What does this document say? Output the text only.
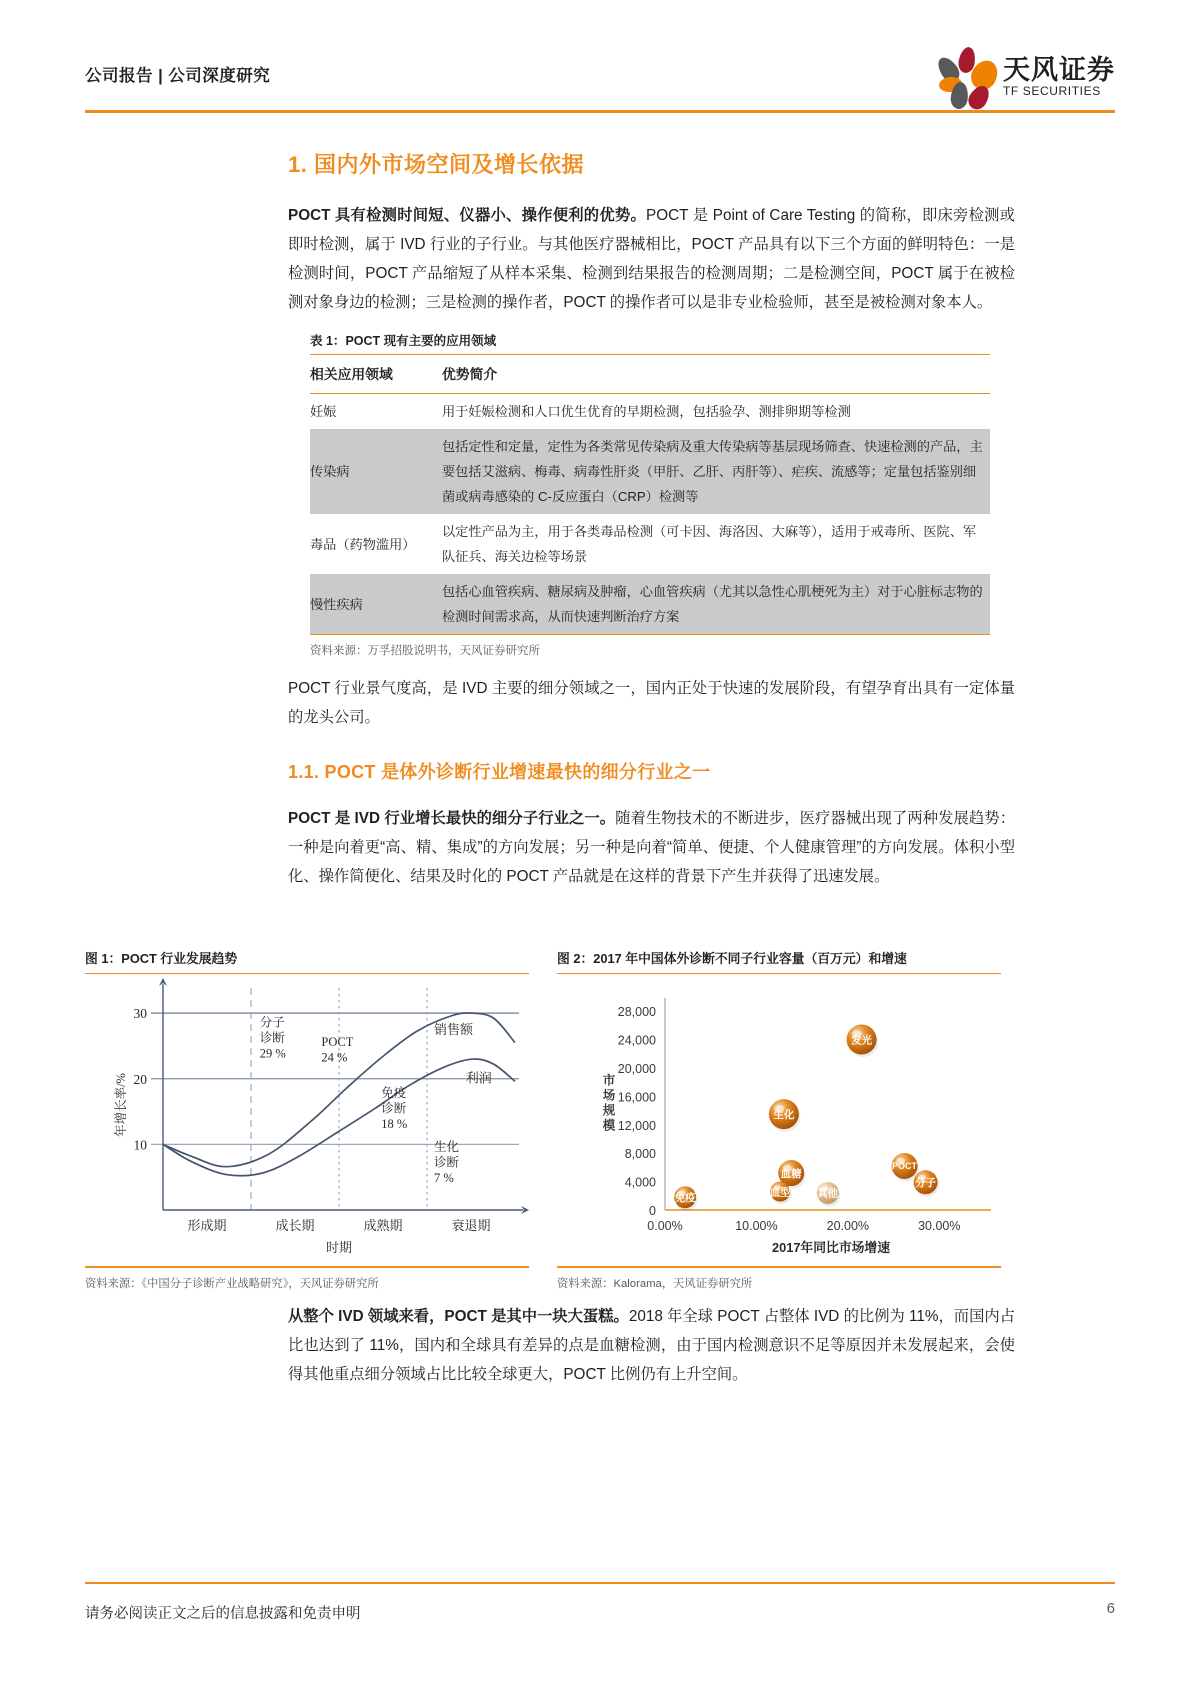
公司报告 | 公司深度研究	天风证券
TF SECURITIES
1. 国内外市场空间及增长依据

POCT 具有检测时间短、仪器小、操作便利的优势。POCT 是 Point of Care Testing 的简称，即床旁检测或即时检测，属于 IVD 行业的子行业。与其他医疗器械相比，POCT 产品具有以下三个方面的鲜明特色：一是检测时间，POCT 产品缩短了从样本采集、检测到结果报告的检测周期；二是检测空间，POCT 属于在被检测对象身边的检测；三是检测的操作者，POCT 的操作者可以是非专业检验师，甚至是被检测对象本人。

表 1：POCT 现有主要的应用领域
相关应用领域	优势简介
妊娠	用于妊娠检测和人口优生优育的早期检测，包括验孕、测排卵期等检测
传染病	包括定性和定量，定性为各类常见传染病及重大传染病等基层现场筛查、快速检测的产品，主要包括艾滋病、梅毒、病毒性肝炎（甲肝、乙肝、丙肝等）、疟疾、流感等；定量包括鉴别细菌或病毒感染的 C-反应蛋白（CRP）检测等
毒品（药物滥用）	以定性产品为主，用于各类毒品检测（可卡因、海洛因、大麻等），适用于戒毒所、医院、军队征兵、海关边检等场景
慢性疾病	包括心血管疾病、糖尿病及肿瘤，心血管疾病（尤其以急性心肌梗死为主）对于心脏标志物的检测时间需求高，从而快速判断治疗方案
资料来源：万孚招股说明书，天风证券研究所

POCT 行业景气度高，是 IVD 主要的细分领域之一，国内正处于快速的发展阶段，有望孕育出具有一定体量的龙头公司。

1.1. POCT 是体外诊断行业增速最快的细分行业之一

POCT 是 IVD 行业增长最快的细分子行业之一。随着生物技术的不断进步，医疗器械出现了两种发展趋势：一种是向着更“高、精、集成”的方向发展；另一种是向着“简单、便捷、个人健康管理”的方向发展。体积小型化、操作简便化、结果及时化的 POCT 产品就是在这样的背景下产生并获得了迅速发展。

图 1：POCT 行业发展趋势
10
20
30
年增长率/%
形成期	成长期	成熟期	衰退期
时期
分子
诊断
29 %
POCT
24 %
免疫
诊断
18 %
生化
诊断
7 %
销售额
利润
资料来源：《中国分子诊断产业战略研究》，天风证券研究所
图 2：2017 年中国体外诊断不同子行业容量（百万元）和增速
0
4,000
8,000
12,000
16,000
20,000
24,000
28,000
市
场
规
模
0.00%	10.00%	20.00%	30.00%
2017年同比市场增速
发光
生化
血糖
血型	其他
POCT
分子
免疫
资料来源：Kalorama，天风证券研究所

从整个 IVD 领域来看，POCT 是其中一块大蛋糕。2018 年全球 POCT 占整体 IVD 的比例为 11%，而国内占比也达到了 11%，国内和全球具有差异的点是血糖检测，由于国内检测意识不足等原因并未发展起来，会使得其他重点细分领域占比比较全球更大，POCT 比例仍有上升空间。

请务必阅读正文之后的信息披露和免责申明	6
